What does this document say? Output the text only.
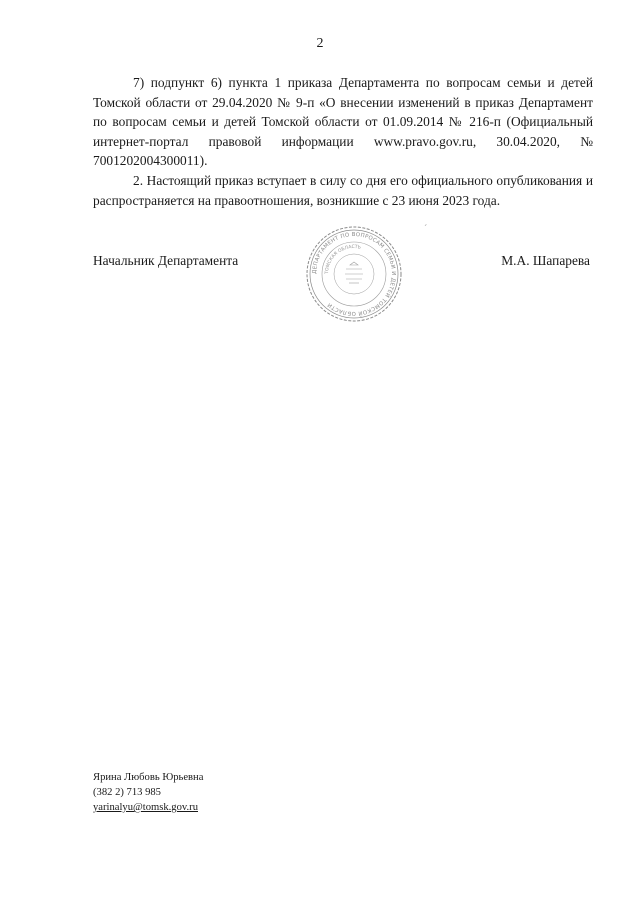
2

7) подпункт 6) пункта 1 приказа Департамента по вопросам семьи и детей Томской области от 29.04.2020 № 9-п «О внесении изменений в приказ Департамент по вопросам семьи и детей Томской области от 01.09.2014 № 216-п (Официальный интернет-портал правовой информации www.pravo.gov.ru, 30.04.2020, № 7001202004300011).

2. Настоящий приказ вступает в силу со дня его официального опубликования и распространяется на правоотношения, возникшие с 23 июня 2023 года.

Начальник Департамента	М.А. Шапарева
ДЕПАРТАМЕНТ ПО ВОПРОСАМ СЕМЬИ И ДЕТЕЙ ТОМСКОЙ ОБЛАСТИ
ТОМСКАЯ ОБЛАСТЬ
ˊ
Ярина Любовь Юрьевна
(382 2) 713 985
yarinalyu@tomsk.gov.ru
